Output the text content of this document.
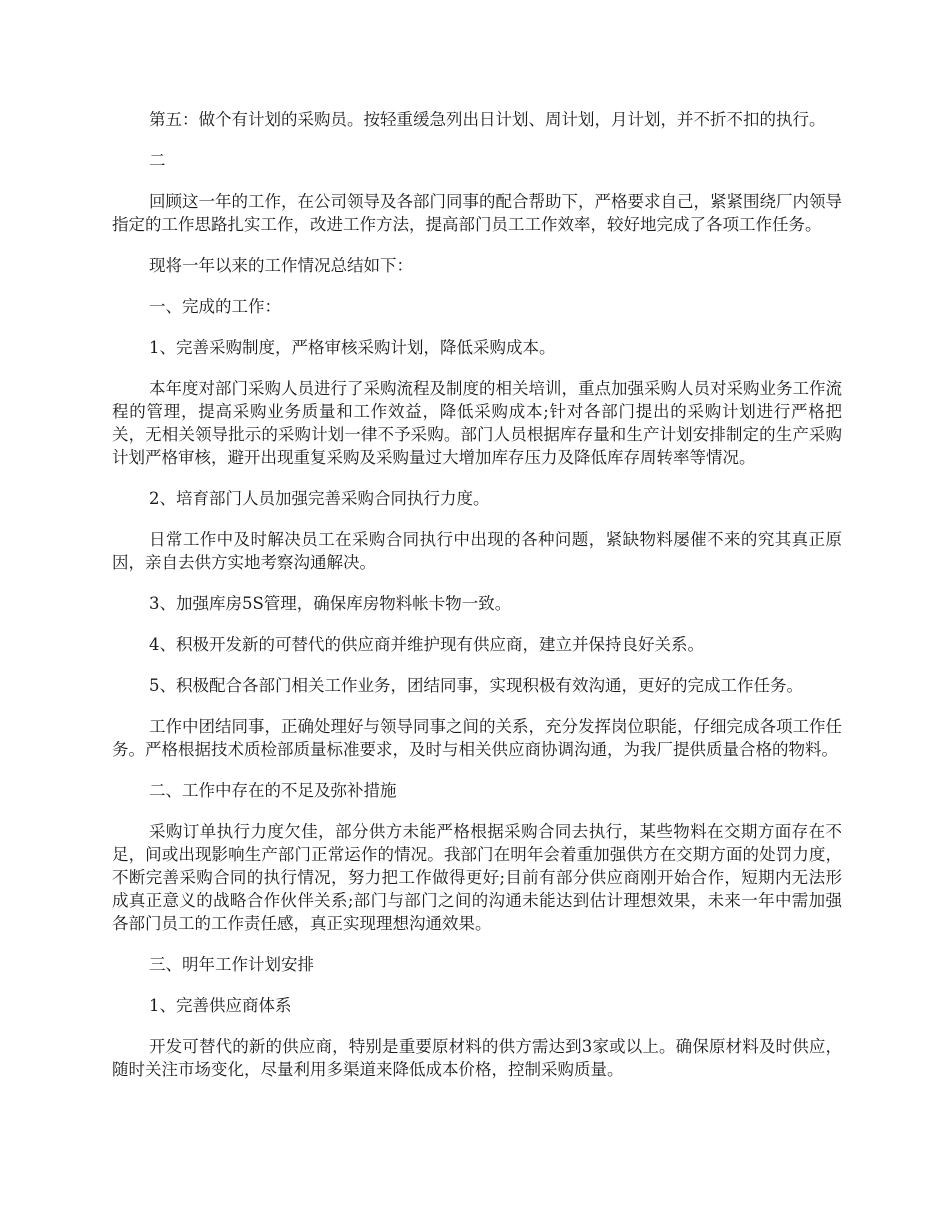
第五：做个有计划的采购员。按轻重缓急列出日计划、周计划，月计划，并不折不扣的执行。

二

回顾这一年的工作，在公司领导及各部门同事的配合帮助下，严格要求自己，紧紧围绕厂内领导指定的工作思路扎实工作，改进工作方法，提高部门员工工作效率，较好地完成了各项工作任务。

现将一年以来的工作情况总结如下：

一、完成的工作：

1、完善采购制度，严格审核采购计划，降低采购成本。

本年度对部门采购人员进行了采购流程及制度的相关培训，重点加强采购人员对采购业务工作流程的管理，提高采购业务质量和工作效益，降低采购成本;针对各部门提出的采购计划进行严格把关，无相关领导批示的采购计划一律不予采购。部门人员根据库存量和生产计划安排制定的生产采购计划严格审核，避开出现重复采购及采购量过大增加库存压力及降低库存周转率等情况。

2、培育部门人员加强完善采购合同执行力度。

日常工作中及时解决员工在采购合同执行中出现的各种问题，紧缺物料屡催不来的究其真正原因，亲自去供方实地考察沟通解决。

3、加强库房5S管理，确保库房物料帐卡物一致。

4、积极开发新的可替代的供应商并维护现有供应商，建立并保持良好关系。

5、积极配合各部门相关工作业务，团结同事，实现积极有效沟通，更好的完成工作任务。

工作中团结同事，正确处理好与领导同事之间的关系，充分发挥岗位职能，仔细完成各项工作任务。严格根据技术质检部质量标准要求，及时与相关供应商协调沟通，为我厂提供质量合格的物料。

二、工作中存在的不足及弥补措施

采购订单执行力度欠佳，部分供方未能严格根据采购合同去执行，某些物料在交期方面存在不足，间或出现影响生产部门正常运作的情况。我部门在明年会着重加强供方在交期方面的处罚力度，不断完善采购合同的执行情况，努力把工作做得更好;目前有部分供应商刚开始合作，短期内无法形成真正意义的战略合作伙伴关系;部门与部门之间的沟通未能达到估计理想效果，未来一年中需加强各部门员工的工作责任感，真正实现理想沟通效果。

三、明年工作计划安排

1、完善供应商体系

开发可替代的新的供应商，特别是重要原材料的供方需达到3家或以上。确保原材料及时供应，随时关注市场变化，尽量利用多渠道来降低成本价格，控制采购质量。
